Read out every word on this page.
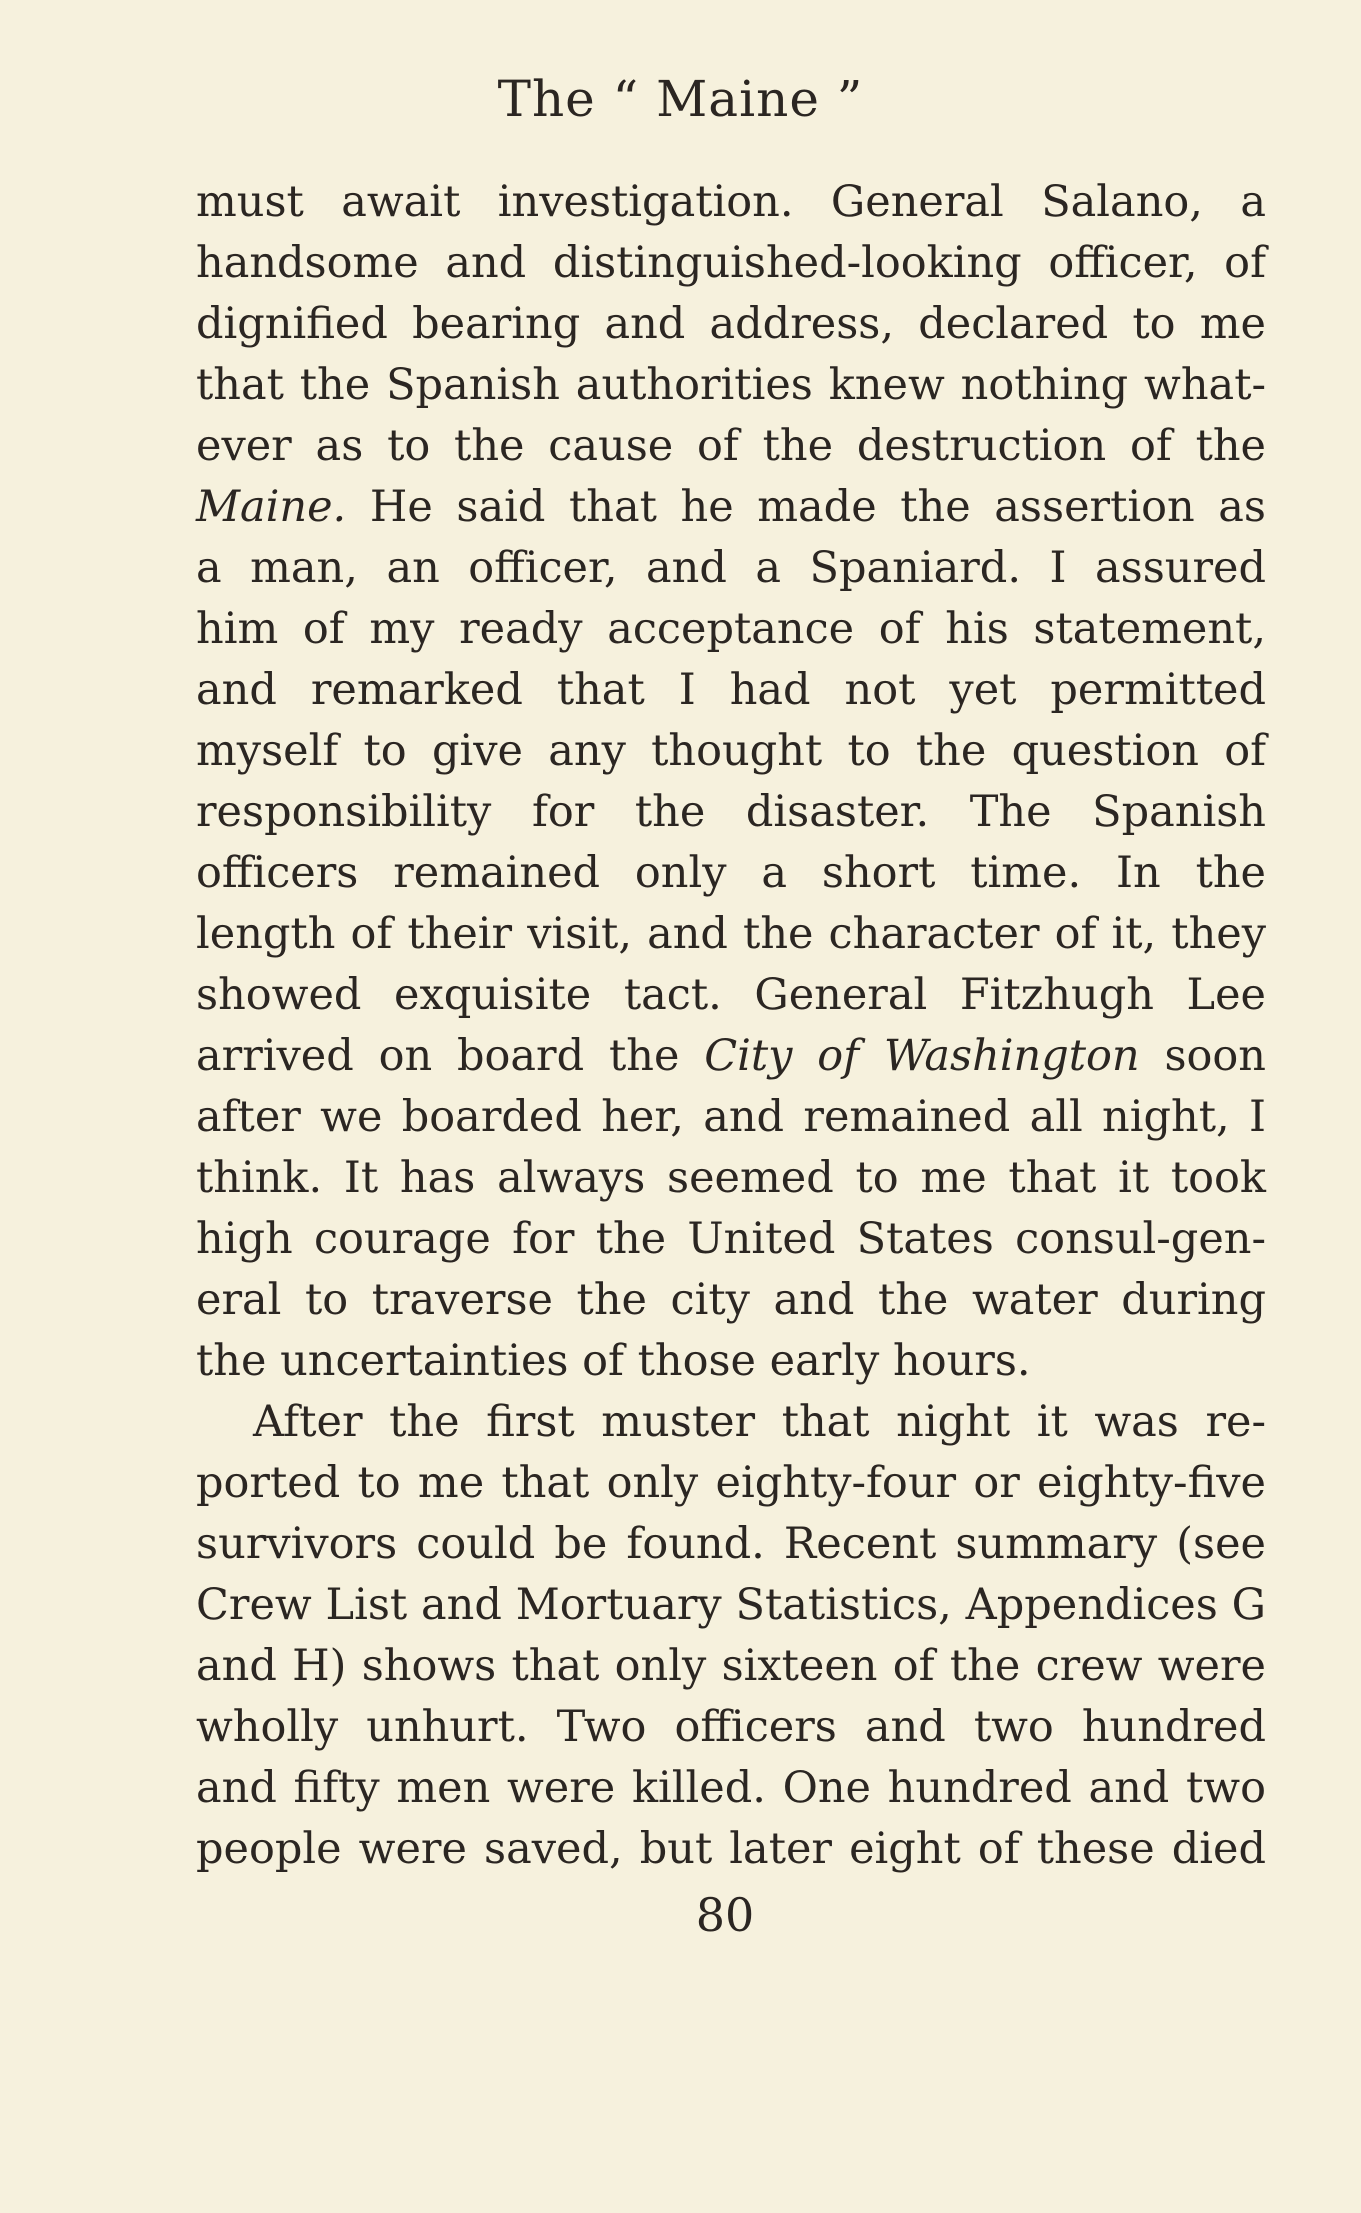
The “ Maine ”
must await investigation. General Salano, a
handsome and distinguished-looking officer, of
dignified bearing and address, declared to me
that the Spanish authorities knew nothing what-
ever as to the cause of the destruction of the
Maine. He said that he made the assertion as
a man, an officer, and a Spaniard. I assured
him of my ready acceptance of his statement,
and remarked that I had not yet permitted
myself to give any thought to the question of
responsibility for the disaster. The Spanish
officers remained only a short time. In the
length of their visit, and the character of it, they
showed exquisite tact. General Fitzhugh Lee
arrived on board the City of Washington soon
after we boarded her, and remained all night, I
think. It has always seemed to me that it took
high courage for the United States consul-gen-
eral to traverse the city and the water during
the uncertainties of those early hours.
After the first muster that night it was re-
ported to me that only eighty-four or eighty-five
survivors could be found. Recent summary (see
Crew List and Mortuary Statistics, Appendices G
and H) shows that only sixteen of the crew were
wholly unhurt. Two officers and two hundred
and fifty men were killed. One hundred and two
people were saved, but later eight of these died
80
